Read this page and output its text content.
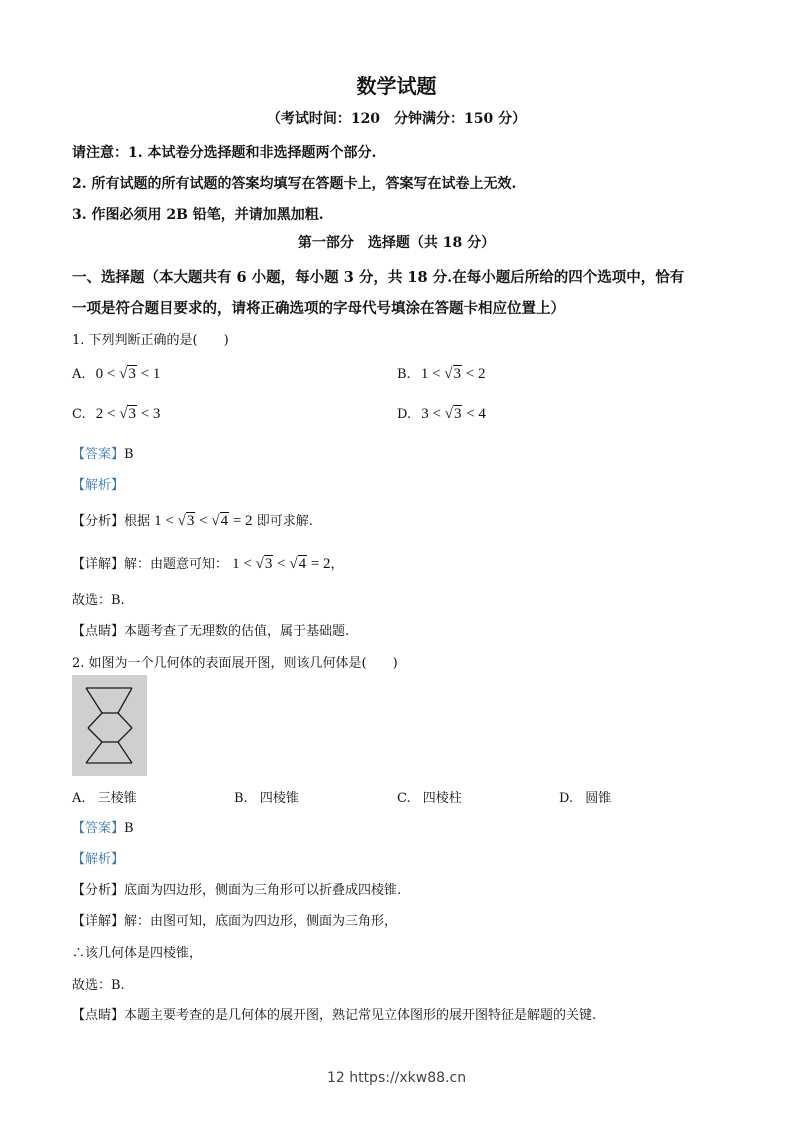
数学试题
（考试时间：120　分钟满分：150 分）
请注意：1. 本试卷分选择题和非选择题两个部分.
2. 所有试题的所有试题的答案均填写在答题卡上，答案写在试卷上无效.
3. 作图必须用 2B 铅笔，并请加黑加粗.
第一部分　选择题（共 18 分）
一、选择题（本大题共有 6 小题，每小题 3 分，共 18 分.在每小题后所给的四个选项中，恰有
一项是符合题目要求的，请将正确选项的字母代号填涂在答题卡相应位置上）
1. 下列判断正确的是(　　)
A. 0 < √3 < 1	B. 1 < √3 < 2
C. 2 < √3 < 3	D. 3 < √3 < 4
【答案】B
【解析】
【分析】根据 1 < √3 < √4 = 2 即可求解.
【详解】解：由题意可知： 1 < √3 < √4 = 2，
故选：B.
【点睛】本题考查了无理数的估值，属于基础题.
2. 如图为一个几何体的表面展开图，则该几何体是(　　)
A. 三棱锥	B. 四棱锥	C. 四棱柱	D. 圆锥
【答案】B
【解析】
【分析】底面为四边形，侧面为三角形可以折叠成四棱锥.
【详解】解：由图可知，底面为四边形，侧面为三角形，
∴该几何体是四棱锥，
故选：B.
【点睛】本题主要考查的是几何体的展开图，熟记常见立体图形的展开图特征是解题的关键.
12 https://xkw88.cn
